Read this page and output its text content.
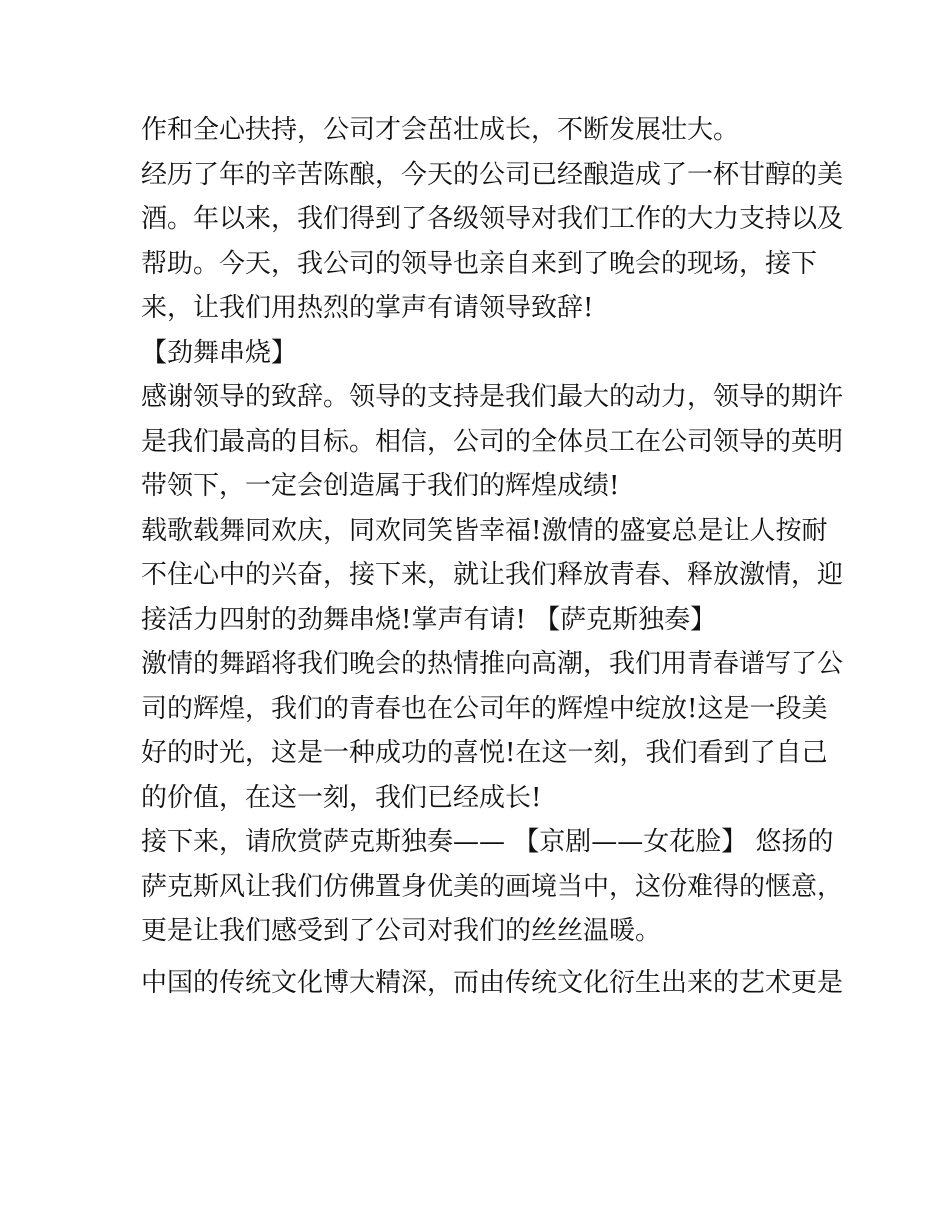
作和全心扶持，公司才会茁壮成长，不断发展壮大。
经历了年的辛苦陈酿，今天的公司已经酿造成了一杯甘醇的美
酒。年以来，我们得到了各级领导对我们工作的大力支持以及
帮助。今天，我公司的领导也亲自来到了晚会的现场，接下
来，让我们用热烈的掌声有请领导致辞!
【劲舞串烧】
感谢领导的致辞。领导的支持是我们最大的动力，领导的期许
是我们最高的目标。相信，公司的全体员工在公司领导的英明
带领下，一定会创造属于我们的辉煌成绩!
载歌载舞同欢庆，同欢同笑皆幸福!激情的盛宴总是让人按耐
不住心中的兴奋，接下来，就让我们释放青春、释放激情，迎
接活力四射的劲舞串烧!掌声有请! 【萨克斯独奏】
激情的舞蹈将我们晚会的热情推向高潮，我们用青春谱写了公
司的辉煌，我们的青春也在公司年的辉煌中绽放!这是一段美
好的时光，这是一种成功的喜悦!在这一刻，我们看到了自己
的价值，在这一刻，我们已经成长!
接下来，请欣赏萨克斯独奏—— 【京剧——女花脸】 悠扬的
萨克斯风让我们仿佛置身优美的画境当中，这份难得的惬意，
更是让我们感受到了公司对我们的丝丝温暖。
中国的传统文化博大精深，而由传统文化衍生出来的艺术更是
